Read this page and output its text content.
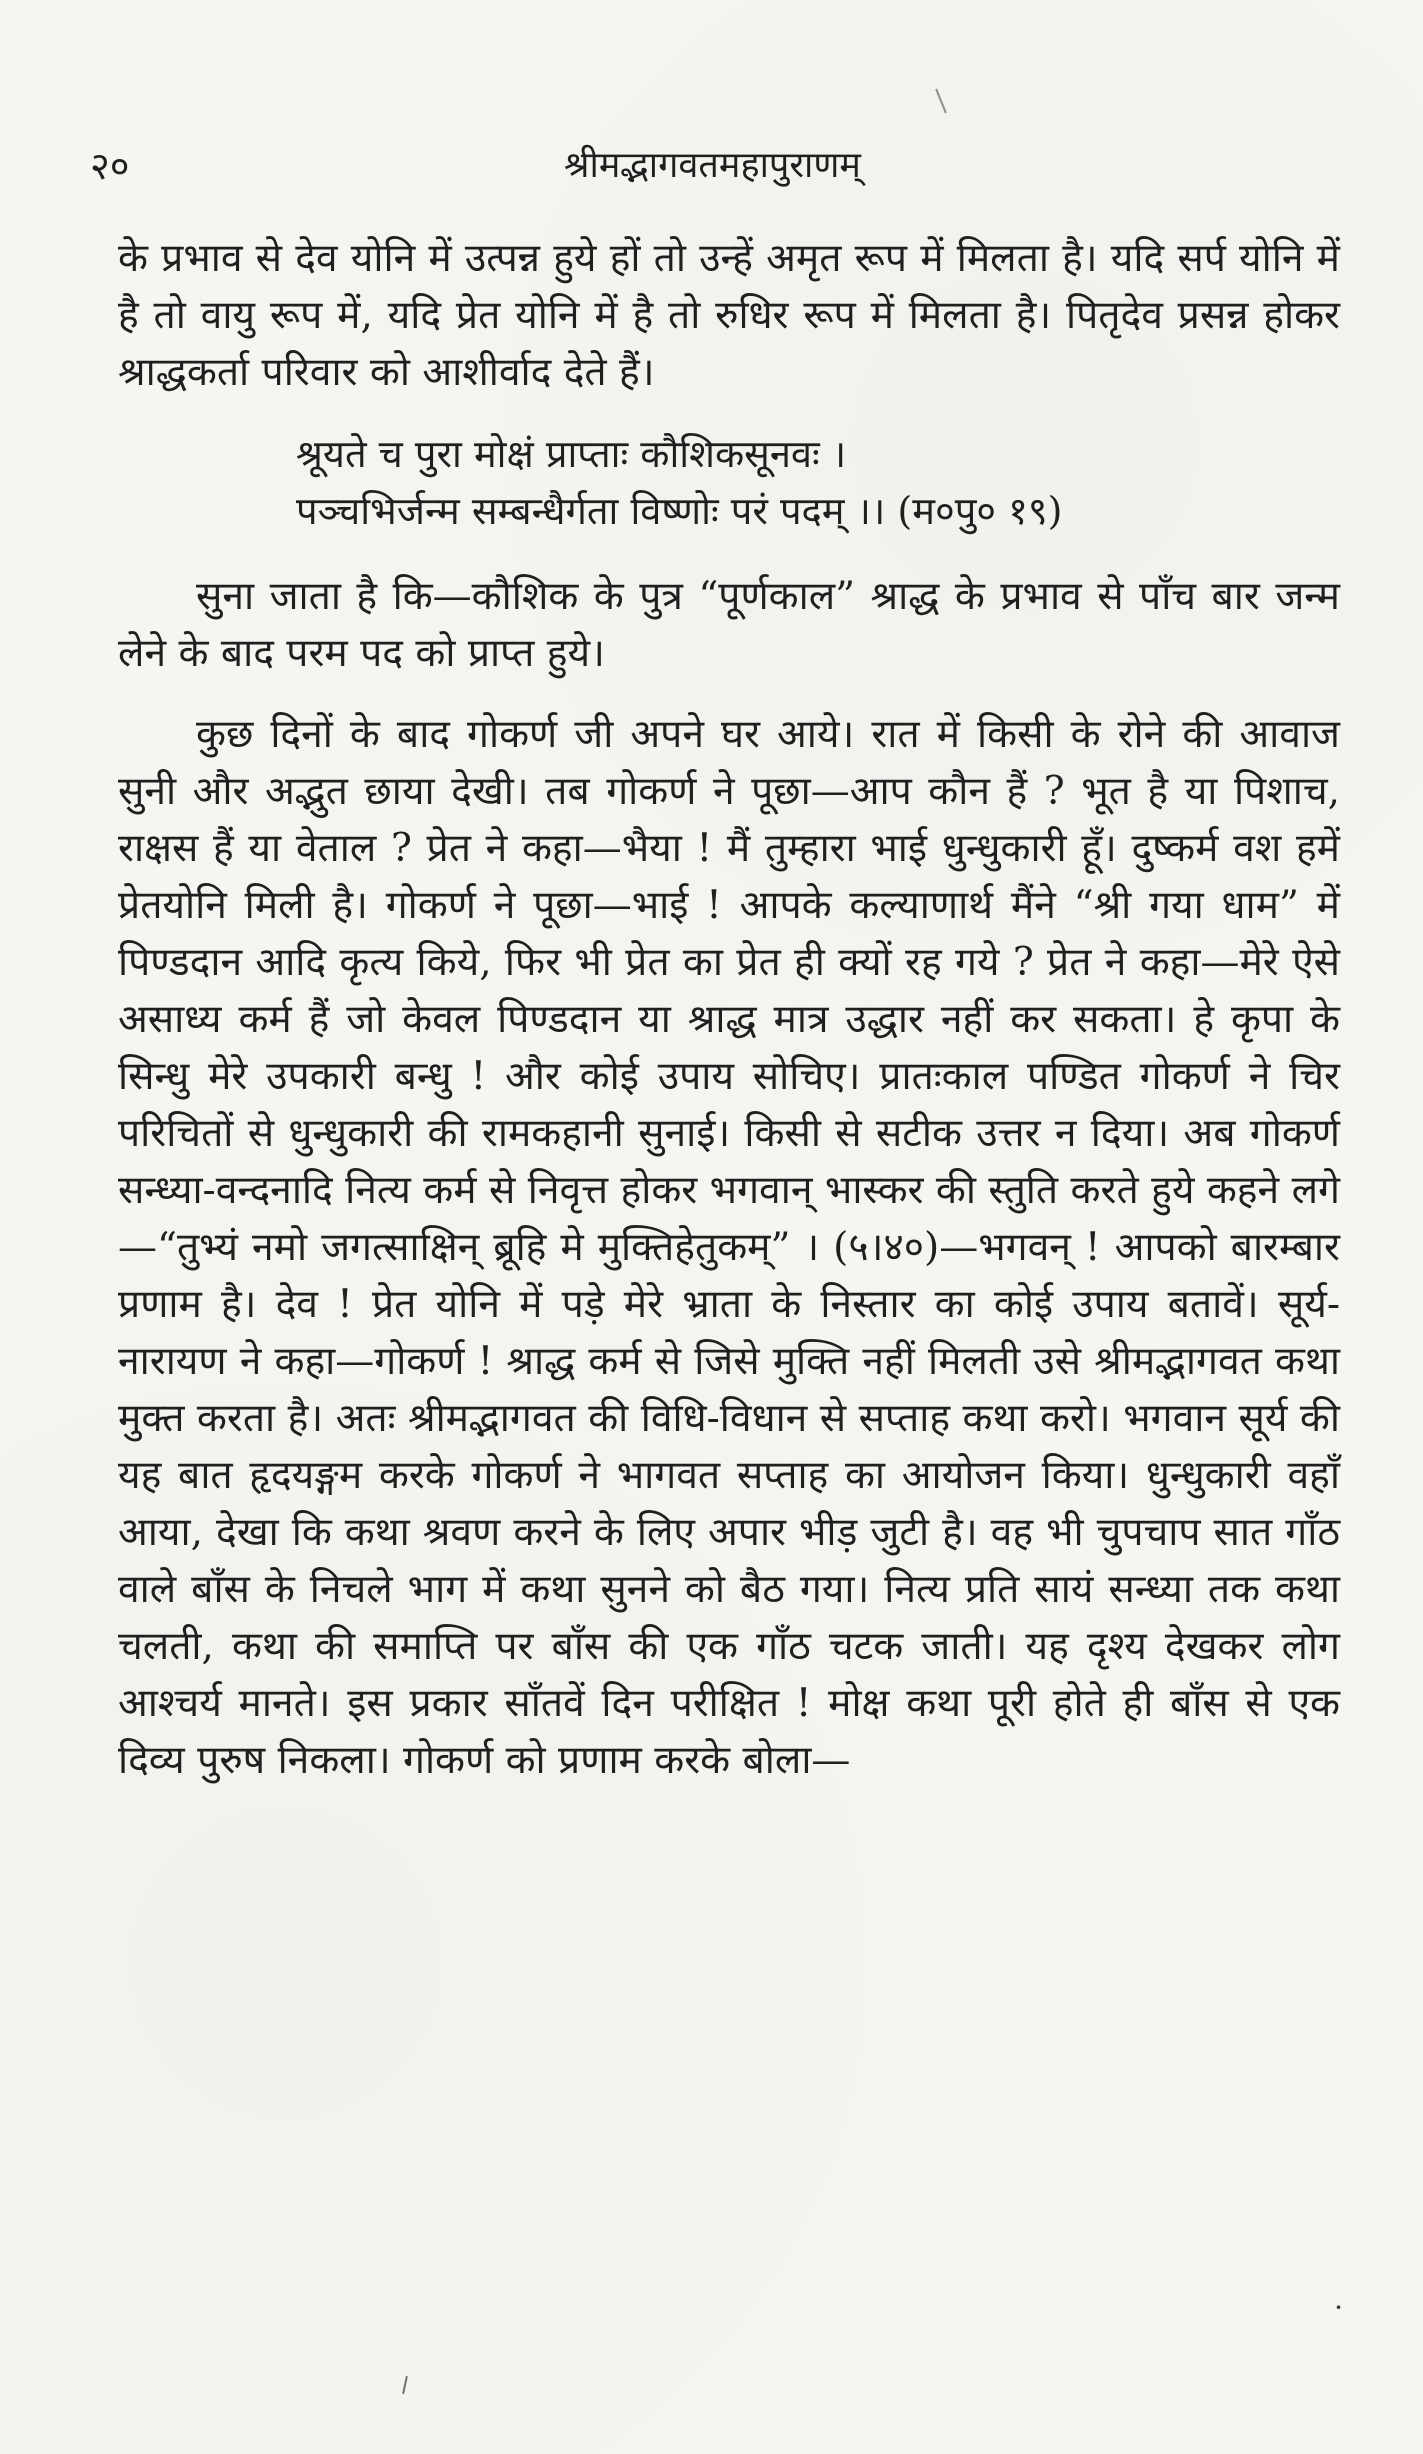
२०	श्रीमद्भागवतमहापुराणम्

के प्रभाव से देव योनि में उत्पन्न हुये हों तो उन्हें अमृत रूप में मिलता है। यदि सर्प योनि में है तो वायु रूप में, यदि प्रेत योनि में है तो रुधिर रूप में मिलता है। पितृदेव प्रसन्न होकर श्राद्धकर्ता परिवार को आशीर्वाद देते हैं।

श्रूयते च पुरा मोक्षं प्राप्ताः कौशिकसूनवः ।
पञ्चभिर्जन्म सम्बन्धैर्गता विष्णोः परं पदम् ।। (म०पु० १९)

सुना जाता है कि—कौशिक के पुत्र “पूर्णकाल” श्राद्ध के प्रभाव से पाँच बार जन्म लेने के बाद परम पद को प्राप्त हुये।

कुछ दिनों के बाद गोकर्ण जी अपने घर आये। रात में किसी के रोने की आवाज सुनी और अद्भुत छाया देखी। तब गोकर्ण ने पूछा—आप कौन हैं ? भूत है या पिशाच, राक्षस हैं या वेताल ? प्रेत ने कहा—भैया ! मैं तुम्हारा भाई धुन्धुकारी हूँ। दुष्कर्म वश हमें प्रेतयोनि मिली है। गोकर्ण ने पूछा—भाई ! आपके कल्याणार्थ मैंने “श्री गया धाम” में पिण्डदान आदि कृत्य किये, फिर भी प्रेत का प्रेत ही क्यों रह गये ? प्रेत ने कहा—मेरे ऐसे असाध्य कर्म हैं जो केवल पिण्डदान या श्राद्ध मात्र उद्धार नहीं कर सकता। हे कृपा के सिन्धु मेरे उपकारी बन्धु ! और कोई उपाय सोचिए। प्रातःकाल पण्डित गोकर्ण ने चिर परिचितों से धुन्धुकारी की रामकहानी सुनाई। किसी से सटीक उत्तर न दिया। अब गोकर्ण सन्ध्या-वन्दनादि नित्य कर्म से निवृत्त होकर भगवान् भास्कर की स्तुति करते हुये कहने लगे—“तुभ्यं नमो जगत्साक्षिन् ब्रूहि मे मुक्तिहेतुकम्” । (५।४०)—भगवन् ! आपको बारम्बार प्रणाम है। देव ! प्रेत योनि में पड़े मेरे भ्राता के निस्तार का कोई उपाय बतावें। सूर्य-नारायण ने कहा—गोकर्ण ! श्राद्ध कर्म से जिसे मुक्ति नहीं मिलती उसे श्रीमद्भागवत कथा मुक्त करता है। अतः श्रीमद्भागवत की विधि-विधान से सप्ताह कथा करो। भगवान सूर्य की यह बात हृदयङ्गम करके गोकर्ण ने भागवत सप्ताह का आयोजन किया। धुन्धुकारी वहाँ आया, देखा कि कथा श्रवण करने के लिए अपार भीड़ जुटी है। वह भी चुपचाप सात गाँठ वाले बाँस के निचले भाग में कथा सुनने को बैठ गया। नित्य प्रति सायं सन्ध्या तक कथा चलती, कथा की समाप्ति पर बाँस की एक गाँठ चटक जाती। यह दृश्य देखकर लोग आश्चर्य मानते। इस प्रकार साँतवें दिन परीक्षित ! मोक्ष कथा पूरी होते ही बाँस से एक दिव्य पुरुष निकला। गोकर्ण को प्रणाम करके बोला—

·
